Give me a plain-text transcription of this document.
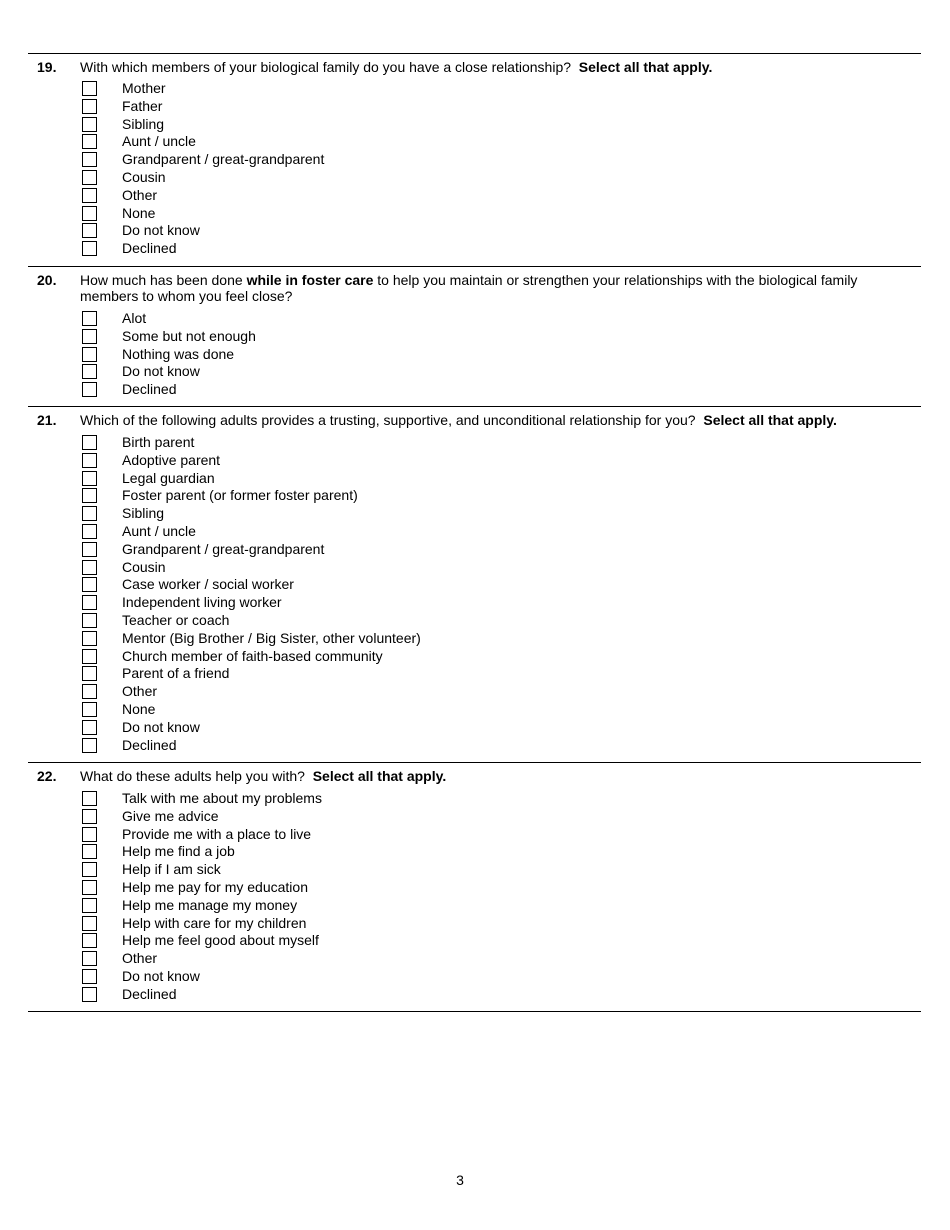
19. With which members of your biological family do you have a close relationship? Select all that apply.
Mother
Father
Sibling
Aunt / uncle
Grandparent / great-grandparent
Cousin
Other
None
Do not know
Declined
20. How much has been done while in foster care to help you maintain or strengthen your relationships with the biological family members to whom you feel close?
Alot
Some but not enough
Nothing was done
Do not know
Declined
21. Which of the following adults provides a trusting, supportive, and unconditional relationship for you? Select all that apply.
Birth parent
Adoptive parent
Legal guardian
Foster parent (or former foster parent)
Sibling
Aunt / uncle
Grandparent / great-grandparent
Cousin
Case worker / social worker
Independent living worker
Teacher or coach
Mentor (Big Brother / Big Sister, other volunteer)
Church member of faith-based community
Parent of a friend
Other
None
Do not know
Declined
22. What do these adults help you with? Select all that apply.
Talk with me about my problems
Give me advice
Provide me with a place to live
Help me find a job
Help if I am sick
Help me pay for my education
Help me manage my money
Help with care for my children
Help me feel good about myself
Other
Do not know
Declined
3
